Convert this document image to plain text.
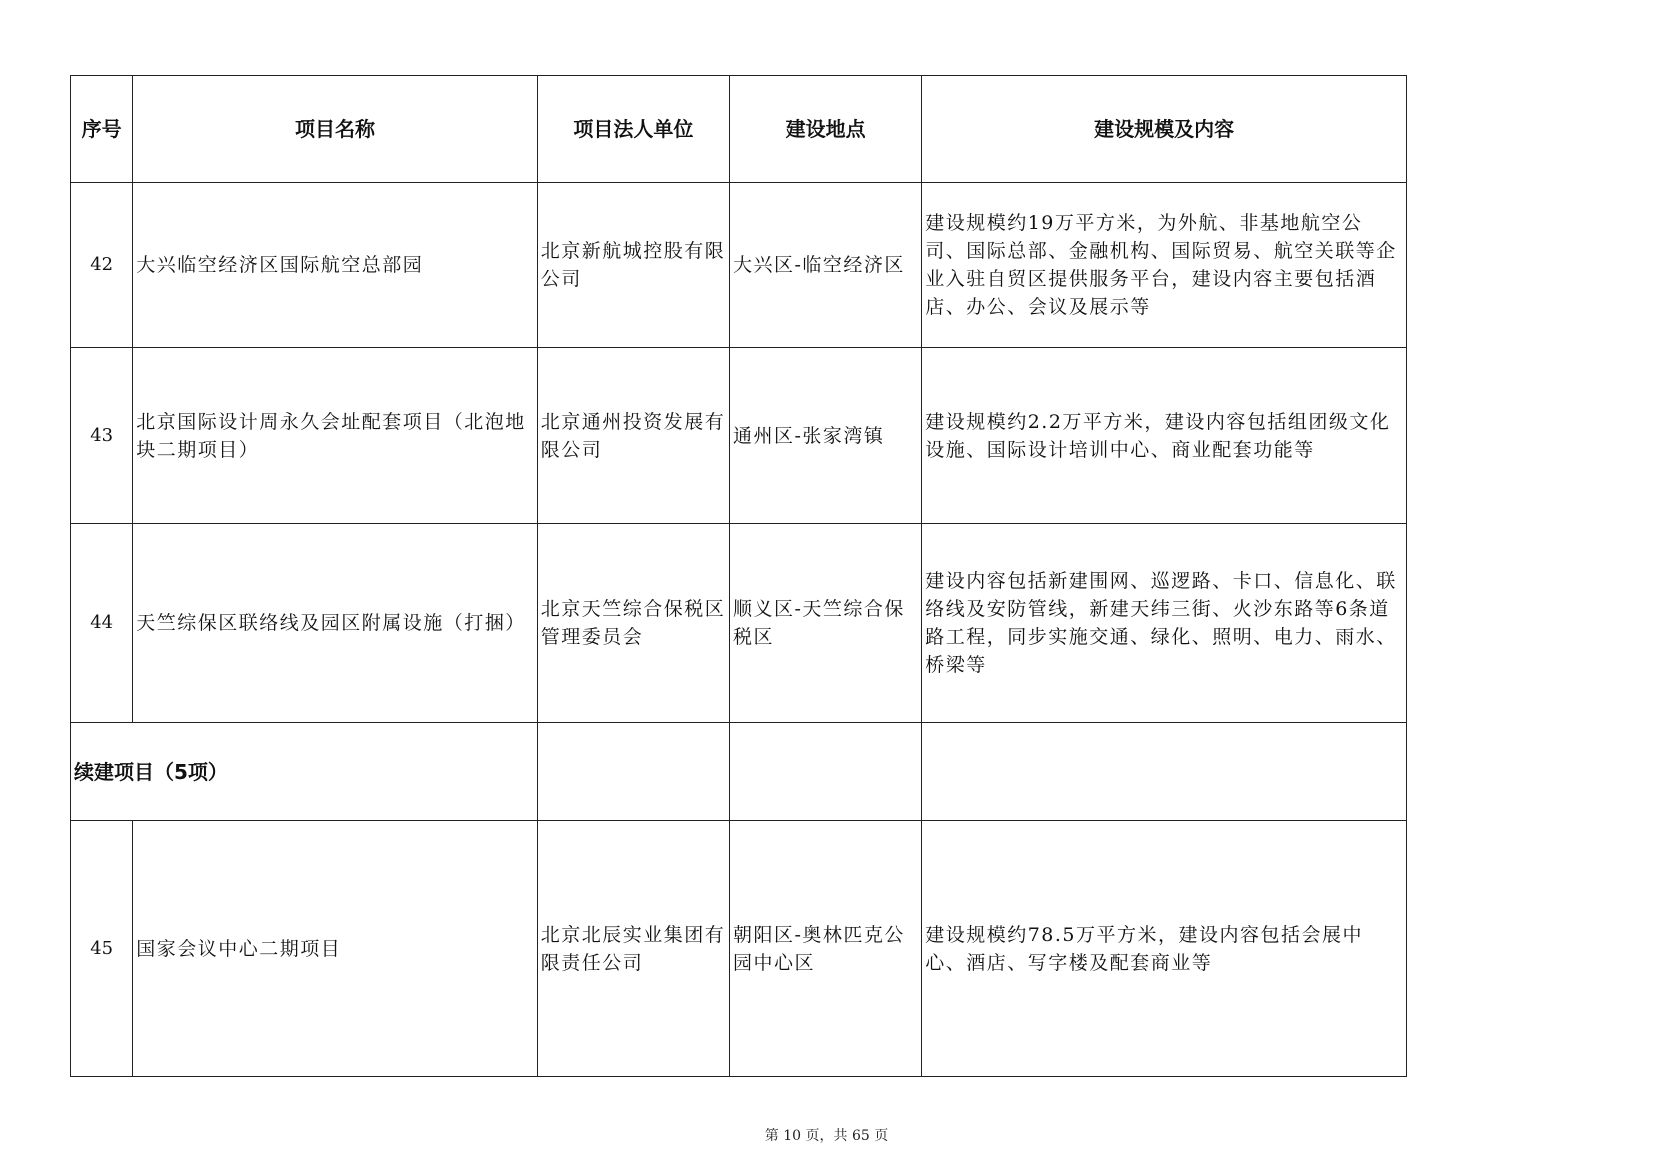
序号	项目名称	项目法人单位	建设地点	建设规模及内容
42	大兴临空经济区国际航空总部园	北京新航城控股有限公司	大兴区-临空经济区	建设规模约19万平方米，为外航、非基地航空公司、国际总部、金融机构、国际贸易、航空关联等企业入驻自贸区提供服务平台，建设内容主要包括酒店、办公、会议及展示等
43	北京国际设计周永久会址配套项目（北泡地块二期项目）	北京通州投资发展有限公司	通州区-张家湾镇	建设规模约2.2万平方米，建设内容包括组团级文化设施、国际设计培训中心、商业配套功能等
44	天竺综保区联络线及园区附属设施（打捆）	北京天竺综合保税区管理委员会	顺义区-天竺综合保税区	建设内容包括新建围网、巡逻路、卡口、信息化、联络线及安防管线，新建天纬三街、火沙东路等6条道路工程，同步实施交通、绿化、照明、电力、雨水、桥梁等
续建项目（5项）				
45	国家会议中心二期项目	北京北辰实业集团有限责任公司	朝阳区-奥林匹克公园中心区	建设规模约78.5万平方米，建设内容包括会展中心、酒店、写字楼及配套商业等
第 10 页，共 65 页
